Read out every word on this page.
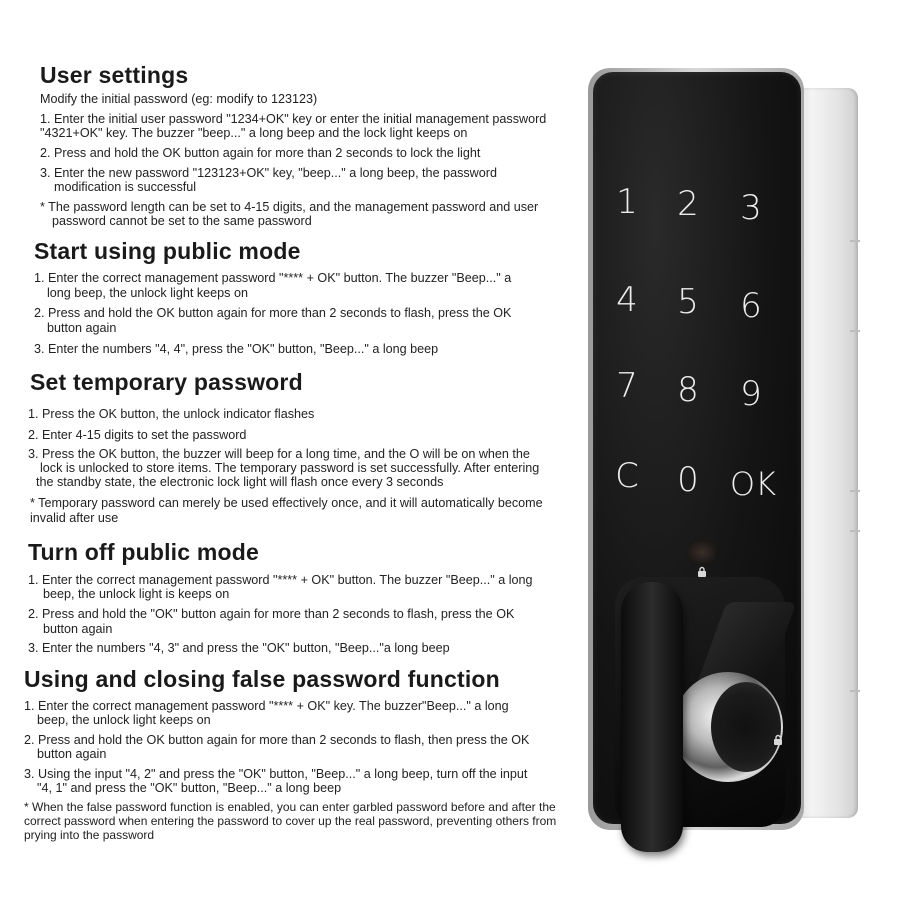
User settings

Modify the initial password (eg: modify to 123123)

1. Enter the initial user password "1234+OK" key or enter the initial management password

"4321+OK" key. The buzzer "beep..." a long beep and the lock light keeps on

2. Press and hold the OK button again for more than 2 seconds to lock the light

3. Enter the new password "123123+OK" key, "beep..." a long beep, the password

modification is successful

* The password length can be set to 4-15 digits, and the management password and user

password cannot be set to the same password

Start using public mode

1. Enter the correct management password "**** + OK" button. The buzzer "Beep..." a

long beep, the unlock light keeps on

2. Press and hold the OK button again for more than 2 seconds to flash, press the OK

button again

3. Enter the numbers "4, 4", press the "OK" button, "Beep..." a long beep

Set temporary password

1. Press the OK button, the unlock indicator flashes

2. Enter 4-15 digits to set the password

3. Press the OK button, the buzzer will beep for a long time, and the O will be on when the

lock is unlocked to store items. The temporary password is set successfully. After entering

the standby state, the electronic lock light will flash once every 3 seconds

* Temporary password can merely be used effectively once, and it will automatically become

invalid after use

Turn off public mode

1. Enter the correct management password "**** + OK" button. The buzzer "Beep..." a long

beep, the unlock light is keeps on

2. Press and hold the "OK" button again for more than 2 seconds to flash, press the OK

button again

3. Enter the numbers "4, 3" and press the "OK" button, "Beep..."a long beep

Using and closing false password function

1. Enter the correct management password "**** + OK" key. The buzzer"Beep..." a long

beep, the unlock light keeps on

2. Press and hold the OK button again for more than 2 seconds to flash, then press the OK

button again

3. Using the input "4, 2" and press the "OK" button, "Beep..." a long beep, turn off the input

"4, 1" and press the "OK" button, "Beep..." a long beep

* When the false password function is enabled, you can enter garbled password before and after the

correct password when entering the password to cover up the real password, preventing others from

prying into the password

1 2 3
4 5 6
7 8 9
C 0 OK
